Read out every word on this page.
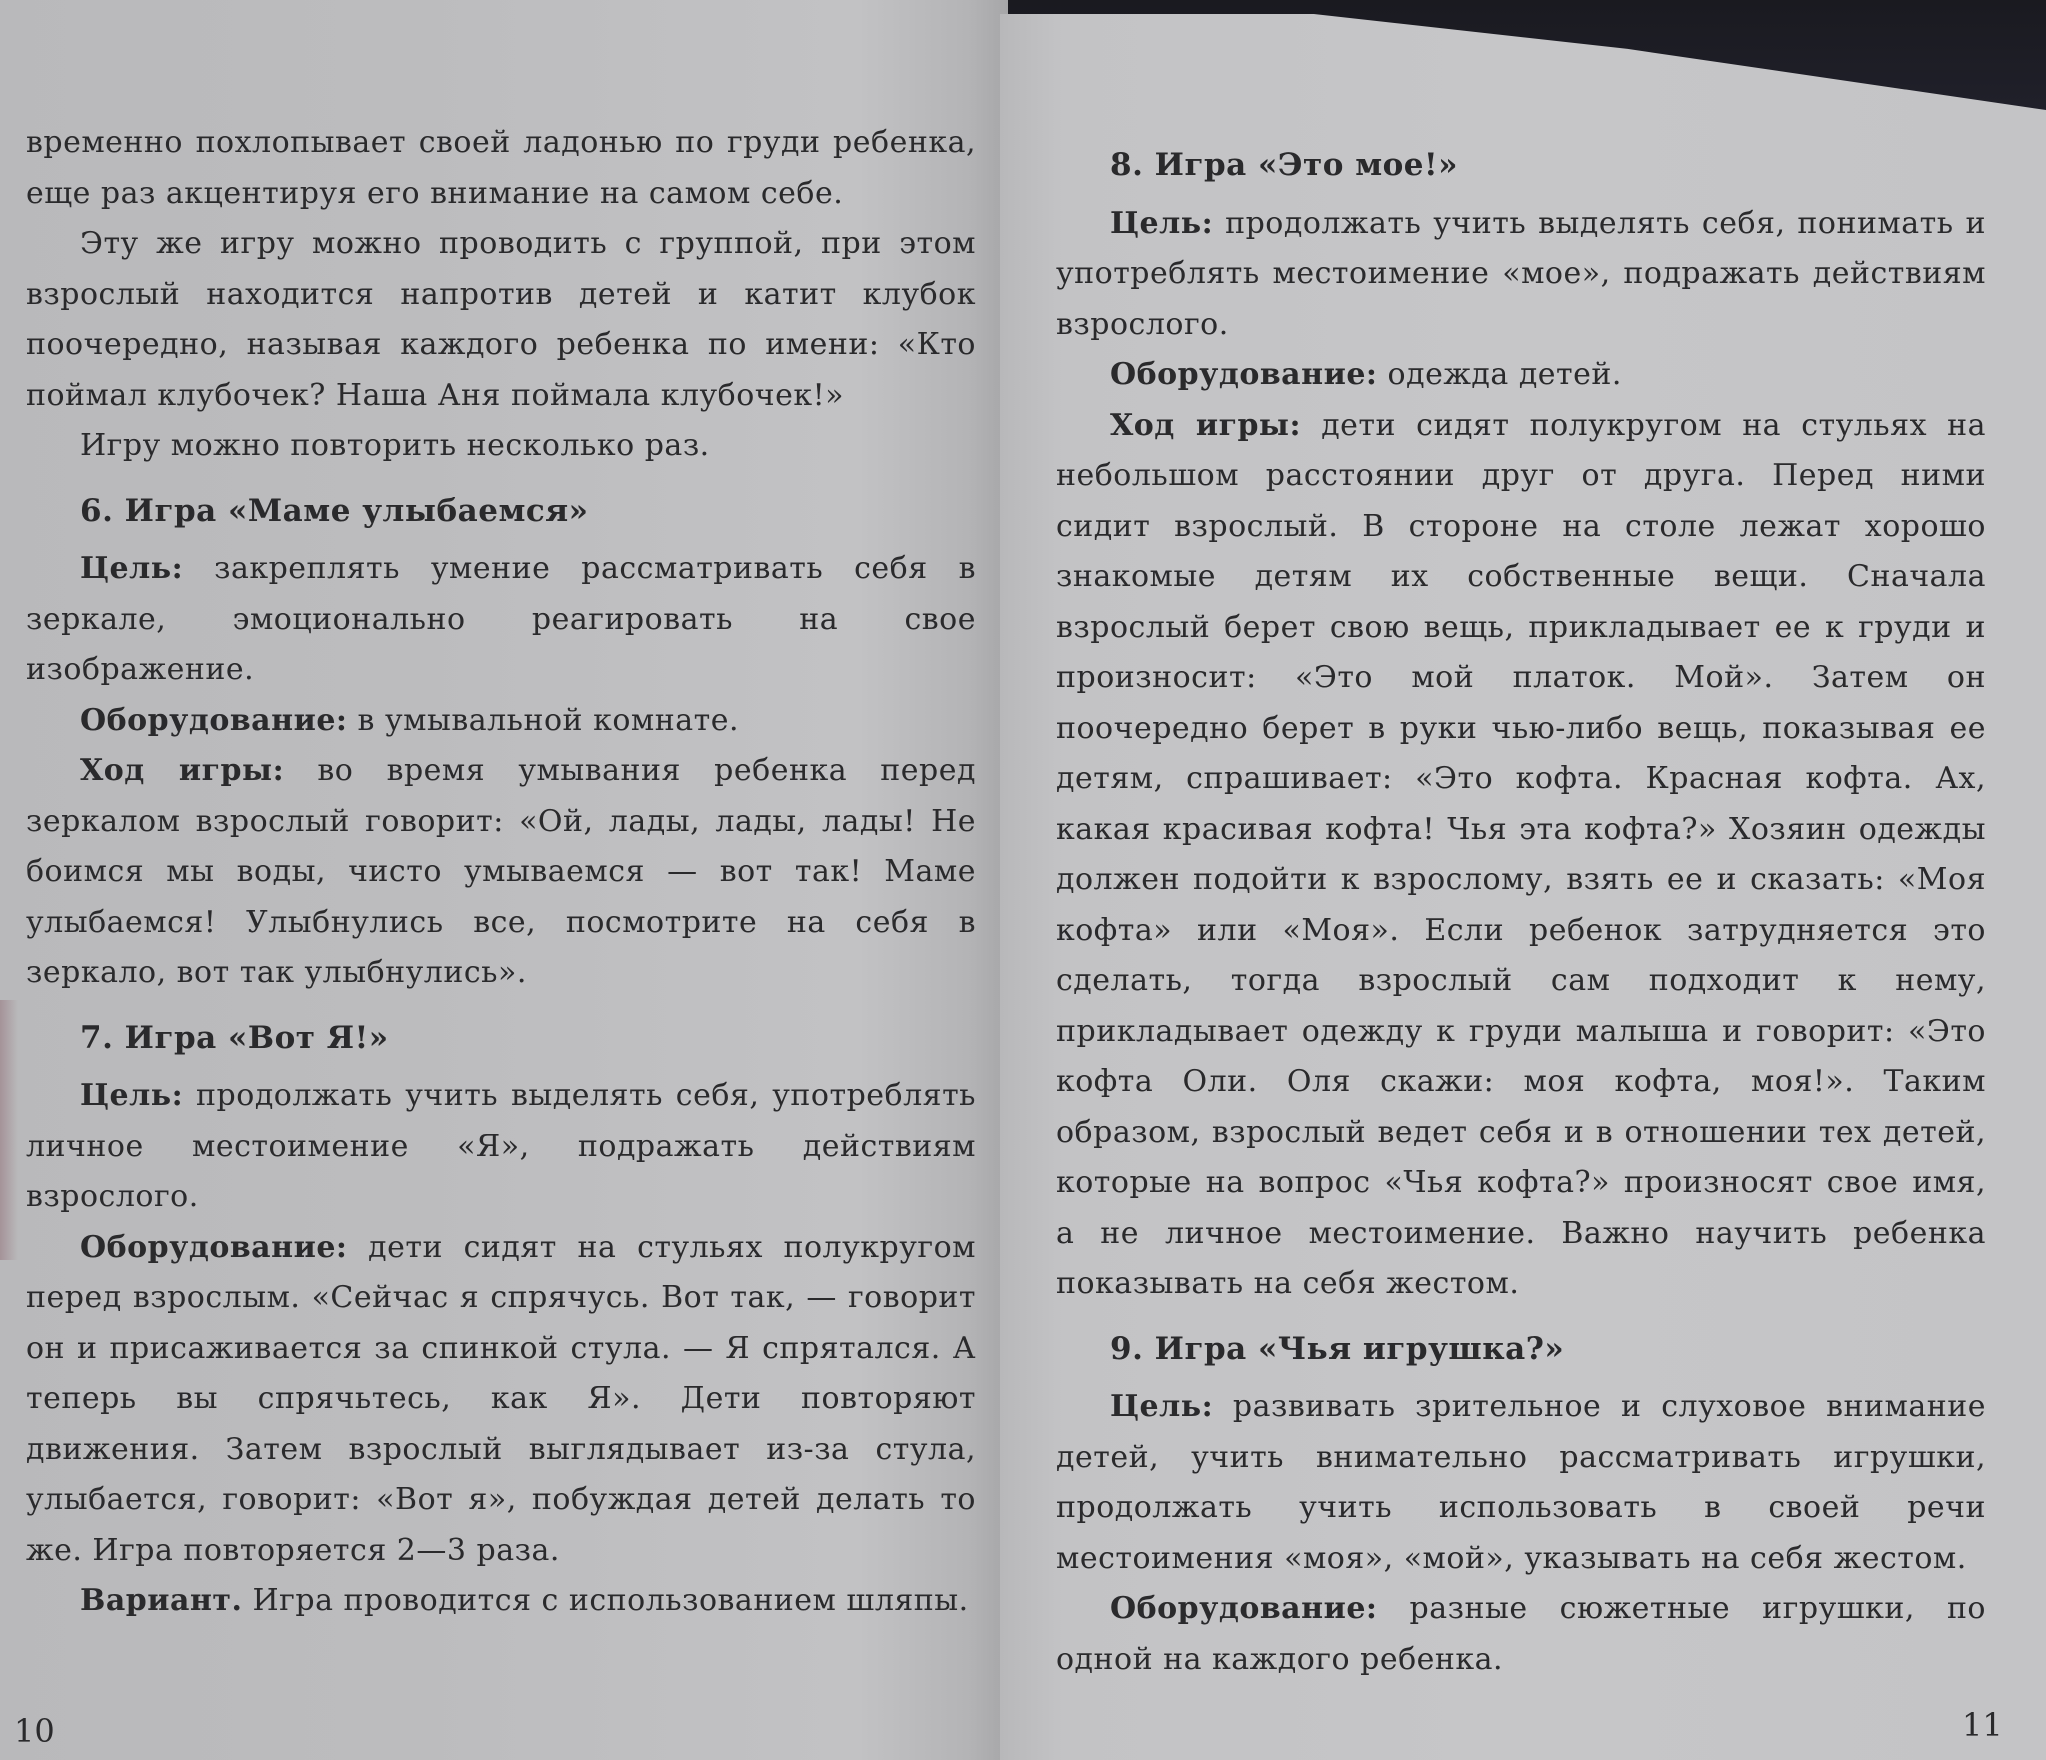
временно похлопывает своей ладонью по груди ребенка, еще раз акцентируя его внимание на самом себе.

Эту же игру можно проводить с группой, при этом взрослый находится напротив детей и катит клубок поочередно, называя каждого ребенка по имени: «Кто поймал клубочек? Наша Аня поймала клубочек!»

Игру можно повторить несколько раз.

6. Игра «Маме улыбаемся»

Цель: закреплять умение рассматривать себя в зеркале, эмоционально реагировать на свое изображение.

Оборудование: в умывальной комнате.

Ход игры: во время умывания ребенка перед зеркалом взрослый говорит: «Ой, лады, лады, лады! Не боимся мы воды, чисто умываемся — вот так! Маме улыбаемся! Улыбнулись все, посмотрите на себя в зеркало, вот так улыбнулись».

7. Игра «Вот Я!»

Цель: продолжать учить выделять себя, употреблять личное местоимение «Я», подражать действиям взрослого.

Оборудование: дети сидят на стульях полукругом перед взрослым. «Сейчас я спрячусь. Вот так, — говорит он и присаживается за спинкой стула. — Я спрятался. А теперь вы спрячьтесь, как Я». Дети повторяют движения. Затем взрослый выглядывает из-за стула, улыбается, говорит: «Вот я», побуждая детей делать то же. Игра повторяется 2—3 раза.

Вариант. Игра проводится с использованием шляпы.

10
8. Игра «Это мое!»

Цель: продолжать учить выделять себя, понимать и употреблять местоимение «мое», подражать действиям взрослого.

Оборудование: одежда детей.

Ход игры: дети сидят полукругом на стульях на небольшом расстоянии друг от друга. Перед ними сидит взрослый. В стороне на столе лежат хорошо знакомые детям их собственные вещи. Сначала взрослый берет свою вещь, прикладывает ее к груди и произносит: «Это мой платок. Мой». Затем он поочередно берет в руки чью-либо вещь, показывая ее детям, спрашивает: «Это кофта. Красная кофта. Ах, какая красивая кофта! Чья эта кофта?» Хозяин одежды должен подойти к взрослому, взять ее и сказать: «Моя кофта» или «Моя». Если ребенок затрудняется это сделать, тогда взрослый сам подходит к нему, прикладывает одежду к груди малыша и говорит: «Это кофта Оли. Оля скажи: моя кофта, моя!». Таким образом, взрослый ведет себя и в отношении тех детей, которые на вопрос «Чья кофта?» произносят свое имя, а не личное местоимение. Важно научить ребенка показывать на себя жестом.

9. Игра «Чья игрушка?»

Цель: развивать зрительное и слуховое внимание детей, учить внимательно рассматривать игрушки, продолжать учить использовать в своей речи местоимения «моя», «мой», указывать на себя жестом.

Оборудование: разные сюжетные игрушки, по одной на каждого ребенка.

11
